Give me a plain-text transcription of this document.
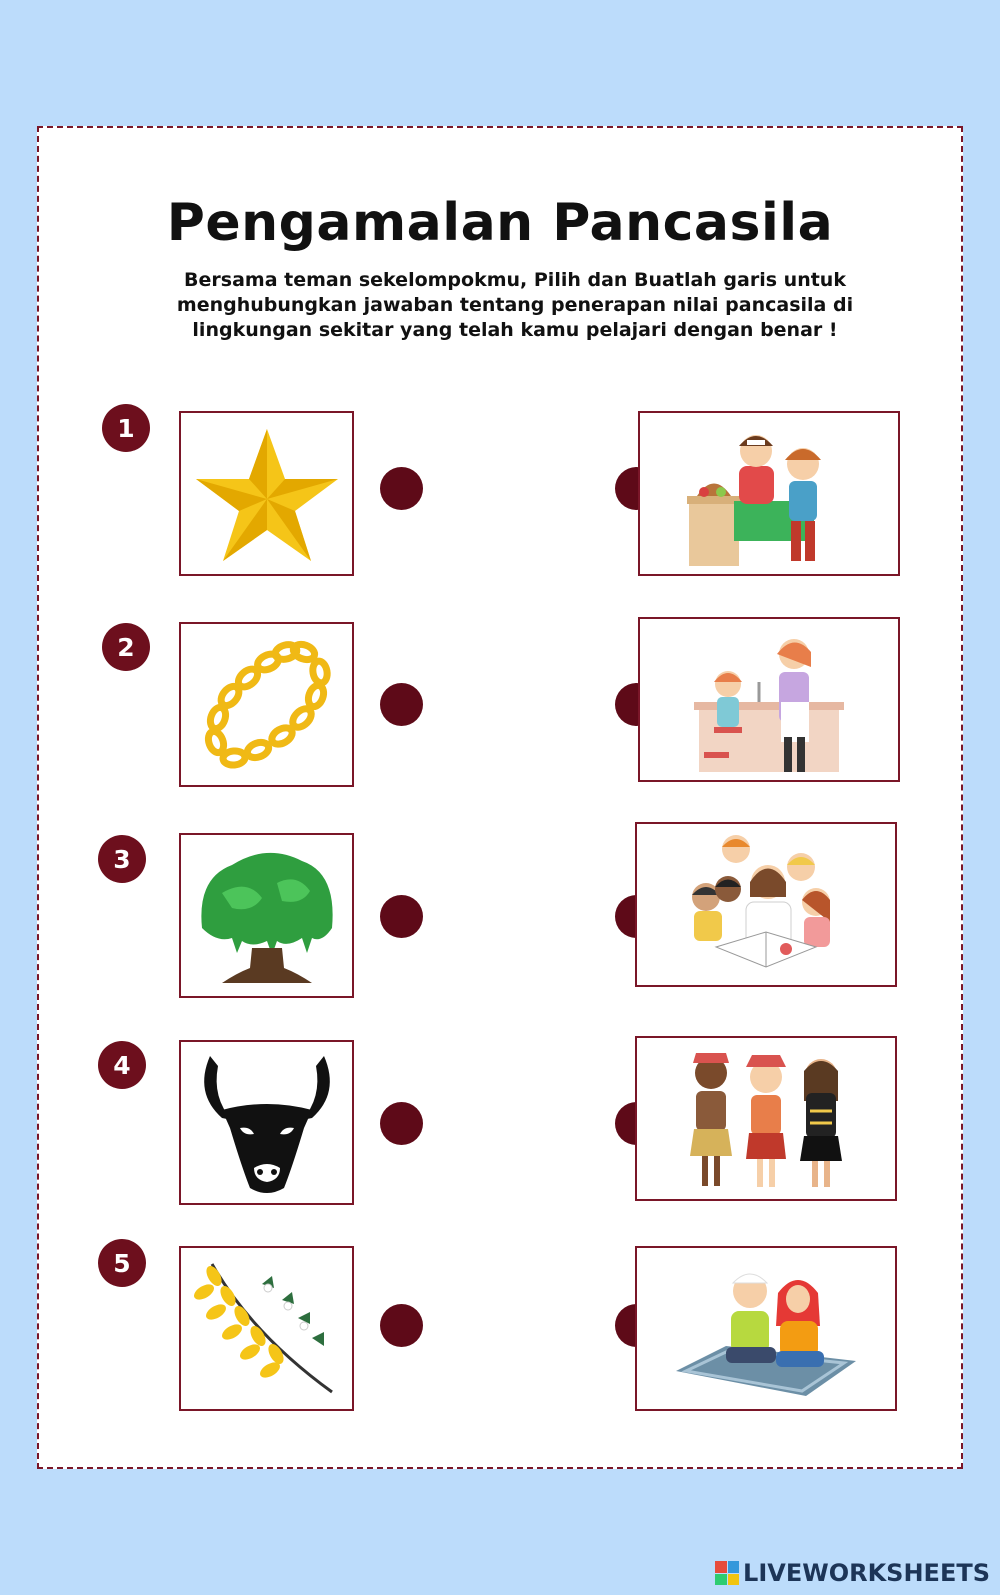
Pengamalan Pancasila
Bersama teman sekelompokmu, Pilih dan Buatlah garis untuk
menghubungkan jawaban tentang penerapan nilai pancasila di
lingkungan sekitar yang telah kamu pelajari dengan benar !
1
2
3
4
5
LIVEWORKSHEETS
